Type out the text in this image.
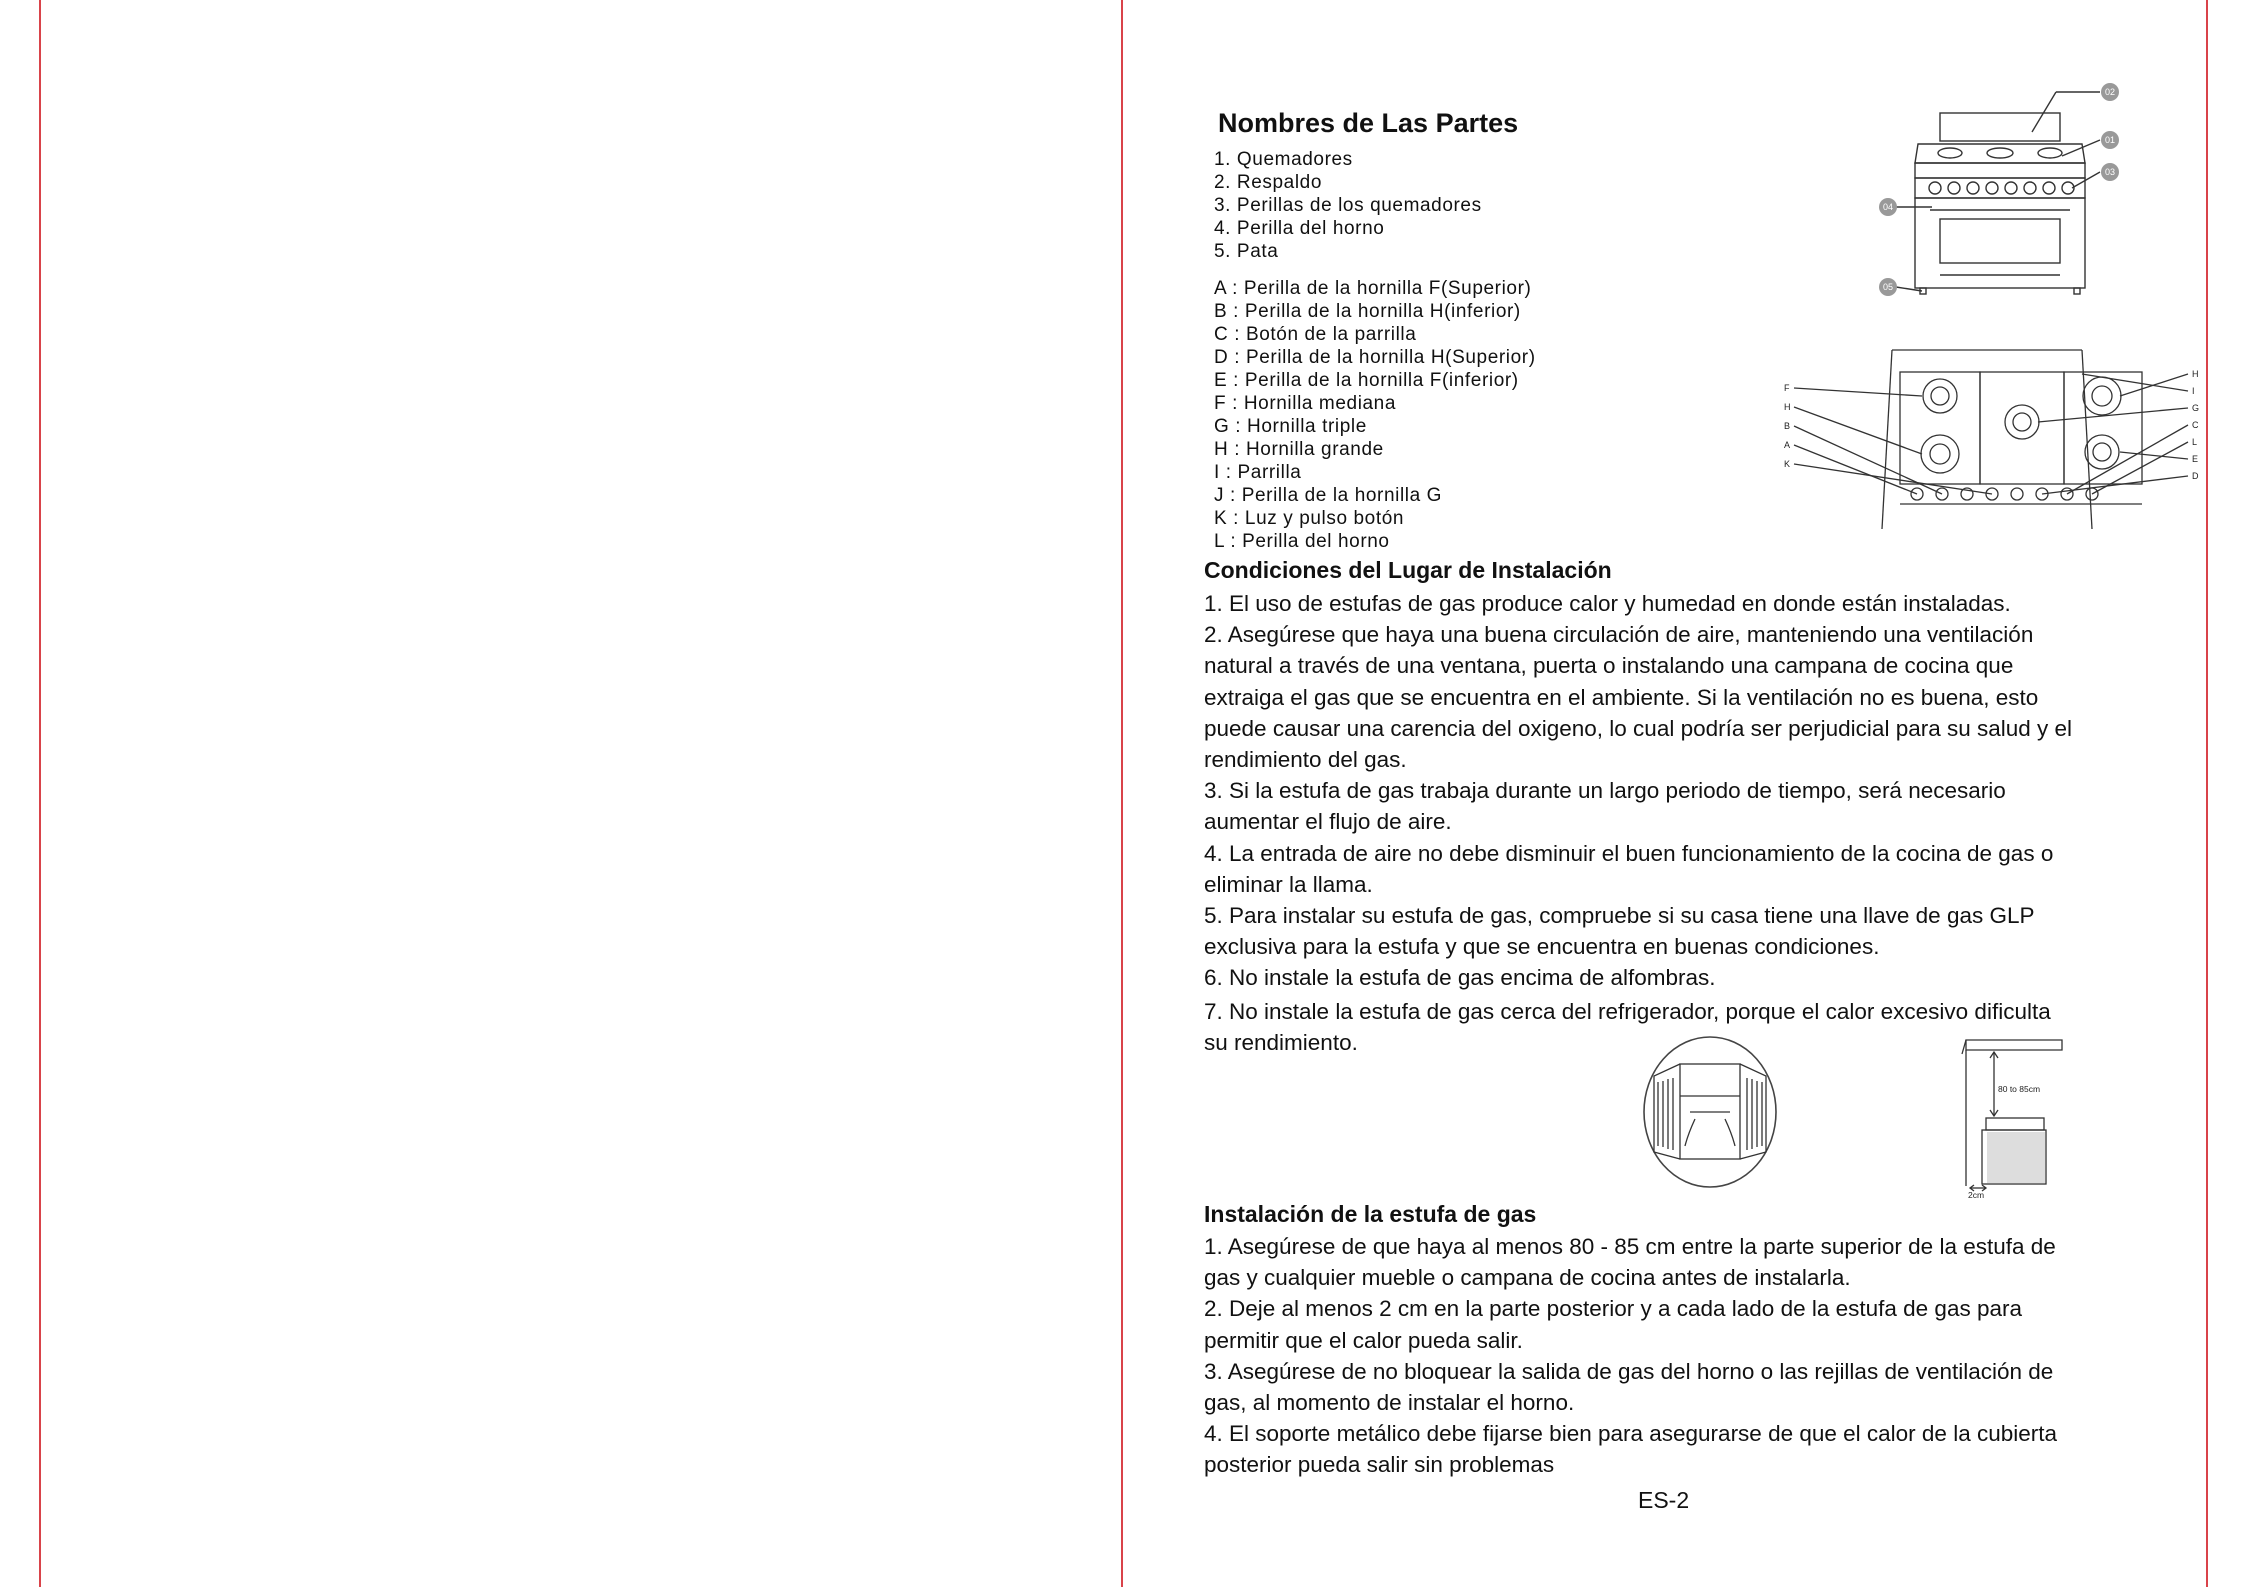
Nombres de Las Partes
1. Quemadores
2. Respaldo
3. Perillas de los quemadores
4. Perilla del horno
5. Pata
A : Perilla de la hornilla F(Superior)
B : Perilla de la hornilla H(inferior)
C : Botón de la parrilla
D : Perilla de la hornilla H(Superior)
E : Perilla de la hornilla F(inferior)
F : Hornilla mediana
G : Hornilla triple
H : Hornilla grande
I : Parrilla
J : Perilla de la hornilla G
K : Luz y pulso botón
L : Perilla del horno
02
01
03
04
05
F
H
B
A
K
H
I
G
C
L
E
D
Condiciones del Lugar de Instalación
1. El uso de estufas de gas produce calor y humedad en donde están instaladas.
2. Asegúrese que haya una buena circulación de aire, manteniendo una ventilación
natural a través de una ventana, puerta o instalando una campana de cocina que
extraiga el gas que se encuentra en el ambiente. Si la ventilación no es buena, esto
puede causar una carencia del oxigeno, lo cual podría ser perjudicial para su salud y el
rendimiento del gas.
3. Si la estufa de gas trabaja durante un largo periodo de tiempo, será necesario
aumentar el flujo de aire.
4. La entrada de aire no debe disminuir el buen funcionamiento de la cocina de gas o
eliminar la llama.
5. Para instalar su estufa de gas, compruebe si su casa tiene una llave de gas GLP
exclusiva para la estufa y que se encuentra en buenas condiciones.
6. No instale la estufa de gas encima de alfombras.
7. No instale la estufa de gas cerca del refrigerador, porque el calor excesivo dificulta
su rendimiento.
80 to 85cm
2cm
Instalación de la estufa de gas
1. Asegúrese de que haya al menos 80 - 85 cm entre la parte superior de la estufa de
gas y cualquier mueble o campana de cocina antes de instalarla.
2. Deje al menos 2 cm en la parte posterior y a cada lado de la estufa de gas para
permitir que el calor pueda salir.
3. Asegúrese de no bloquear la salida de gas del horno o las rejillas de ventilación de
gas, al momento de instalar el horno.
4. El soporte metálico debe fijarse bien para asegurarse de que el calor de la cubierta
posterior pueda salir sin problemas
ES-2
